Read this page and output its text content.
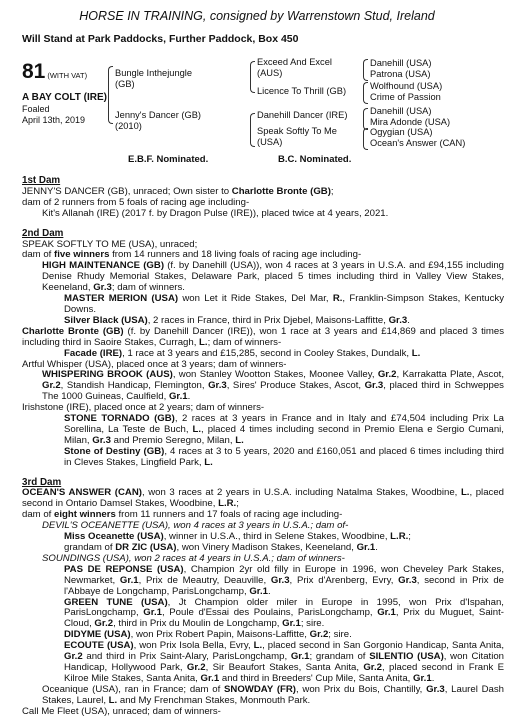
HORSE IN TRAINING, consigned by Warrenstown Stud, Ireland
Will Stand at Park Paddocks, Further Paddock, Box 450
81 (WITH VAT)
A BAY COLT (IRE)
Foaled
April 13th, 2019
Bungle Inthejungle
(GB)
Jenny's Dancer (GB)
(2010)
Exceed And Excel
(AUS)
Licence To Thrill (GB)
Danehill Dancer (IRE)
Speak Softly To Me
(USA)
Danehill (USA)
Patrona (USA)
Wolfhound (USA)
Crime of Passion
Danehill (USA)
Mira Adonde (USA)
Ogygian (USA)
Ocean's Answer (CAN)
E.B.F. Nominated.	B.C. Nominated.
1st Dam

JENNY'S DANCER (GB), unraced; Own sister to Charlotte Bronte (GB);

dam of 2 runners from 5 foals of racing age including-

Kit's Allanah (IRE) (2017 f. by Dragon Pulse (IRE)), placed twice at 4 years, 2021.

2nd Dam

SPEAK SOFTLY TO ME (USA), unraced;

dam of five winners from 14 runners and 18 living foals of racing age including-

HIGH MAINTENANCE (GB) (f. by Danehill (USA)), won 4 races at 3 years in U.S.A. and £94,155 including Denise Rhudy Memorial Stakes, Delaware Park, placed 5 times including third in Valley View Stakes, Keeneland, Gr.3; dam of winners.

MASTER MERION (USA) won Let it Ride Stakes, Del Mar, R., Franklin-Simpson Stakes, Kentucky Downs.

Silver Black (USA), 2 races in France, third in Prix Djebel, Maisons-Laffitte, Gr.3.

Charlotte Bronte (GB) (f. by Danehill Dancer (IRE)), won 1 race at 3 years and £14,869 and placed 3 times including third in Saoire Stakes, Curragh, L.; dam of winners-

Facade (IRE), 1 race at 3 years and £15,285, second in Cooley Stakes, Dundalk, L.

Artful Whisper (USA), placed once at 3 years; dam of winners-

WHISPERING BROOK (AUS), won Stanley Wootton Stakes, Moonee Valley, Gr.2, Karrakatta Plate, Ascot, Gr.2, Standish Handicap, Flemington, Gr.3, Sires' Produce Stakes, Ascot, Gr.3, placed third in Schweppes The 1000 Guineas, Caulfield, Gr.1.

Irishstone (IRE), placed once at 2 years; dam of winners-

STONE TORNADO (GB), 2 races at 3 years in France and in Italy and £74,504 including Prix La Sorellina, La Teste de Buch, L., placed 4 times including second in Premio Elena e Sergio Cumani, Milan, Gr.3 and Premio Seregno, Milan, L.

Stone of Destiny (GB), 4 races at 3 to 5 years, 2020 and £160,051 and placed 6 times including third in Cleves Stakes, Lingfield Park, L.

3rd Dam

OCEAN'S ANSWER (CAN), won 3 races at 2 years in U.S.A. including Natalma Stakes, Woodbine, L., placed second in Ontario Damsel Stakes, Woodbine, L.R.;

dam of eight winners from 11 runners and 17 foals of racing age including-

DEVIL'S OCEANETTE (USA), won 4 races at 3 years in U.S.A.; dam of-

Miss Oceanette (USA), winner in U.S.A., third in Selene Stakes, Woodbine, L.R.;

grandam of DR ZIC (USA), won Vinery Madison Stakes, Keeneland, Gr.1.

SOUNDINGS (USA), won 2 races at 4 years in U.S.A.; dam of winners-

PAS DE REPONSE (USA), Champion 2yr old filly in Europe in 1996, won Cheveley Park Stakes, Newmarket, Gr.1, Prix de Meautry, Deauville, Gr.3, Prix d'Arenberg, Evry, Gr.3, second in Prix de l'Abbaye de Longchamp, ParisLongchamp, Gr.1.

GREEN TUNE (USA), Jt Champion older miler in Europe in 1995, won Prix d'Ispahan, ParisLongchamp, Gr.1, Poule d'Essai des Poulains, ParisLongchamp, Gr.1, Prix du Muguet, Saint-Cloud, Gr.2, third in Prix du Moulin de Longchamp, Gr.1; sire.

DIDYME (USA), won Prix Robert Papin, Maisons-Laffitte, Gr.2; sire.

ECOUTE (USA), won Prix Isola Bella, Evry, L., placed second in San Gorgonio Handicap, Santa Anita, Gr.2 and third in Prix Saint-Alary, ParisLongchamp, Gr.1; grandam of SILENTIO (USA), won Citation Handicap, Hollywood Park, Gr.2, Sir Beaufort Stakes, Santa Anita, Gr.2, placed second in Frank E Kilroe Mile Stakes, Santa Anita, Gr.1 and third in Breeders' Cup Mile, Santa Anita, Gr.1.

Oceanique (USA), ran in France; dam of SNOWDAY (FR), won Prix du Bois, Chantilly, Gr.3, Laurel Dash Stakes, Laurel, L. and My Frenchman Stakes, Monmouth Park.

Call Me Fleet (USA), unraced; dam of winners-
